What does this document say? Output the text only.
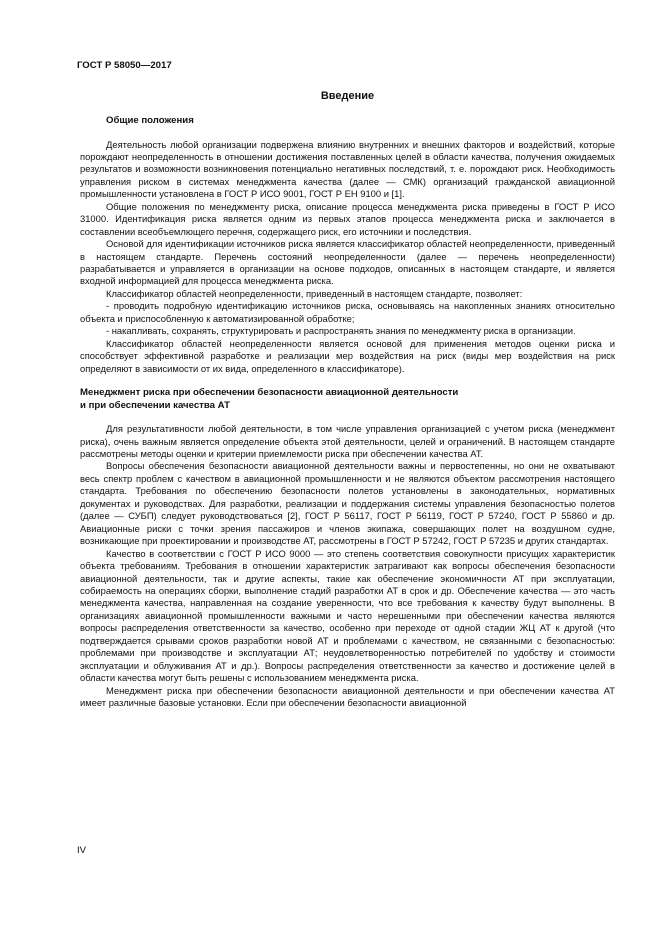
ГОСТ Р 58050—2017
Введение
Общие положения

Деятельность любой организации подвержена влиянию внутренних и внешних факторов и воздействий, которые порождают неопределенность в отношении достижения поставленных целей в области качества, получения ожидаемых результатов и возможности возникновения потенциально негативных последствий, т. е. порождают риск. Необходимость управления риском в системах менеджмента качества (далее — СМК) организаций гражданской авиационной промышленности установлена в ГОСТ Р ИСО 9001, ГОСТ Р ЕН 9100 и [1].

Общие положения по менеджменту риска, описание процесса менеджмента риска приведены в ГОСТ Р ИСО 31000. Идентификация риска является одним из первых этапов процесса менеджмента риска и заключается в составлении всеобъемлющего перечня, содержащего риск, его источники и последствия.

Основой для идентификации источников риска является классификатор областей неопределенности, приведенный в настоящем стандарте. Перечень состояний неопределенности (далее — перечень неопределенности) разрабатывается и управляется в организации на основе подходов, описанных в настоящем стандарте, и является входной информацией для процесса менеджмента риска.

Классификатор областей неопределенности, приведенный в настоящем стандарте, позволяет:

- проводить подробную идентификацию источников риска, основываясь на накопленных знаниях относительно объекта и приспособленную к автоматизированной обработке;

- накапливать, сохранять, структурировать и распространять знания по менеджменту риска в организации.

Классификатор областей неопределенности является основой для применения методов оценки риска и способствует эффективной разработке и реализации мер воздействия на риск (виды мер воздействия на риск определяют в зависимости от их вида, определенного в классификаторе).

Менеджмент риска при обеспечении безопасности авиационной деятельности
и при обеспечении качества АТ

Для результативности любой деятельности, в том числе управления организацией с учетом риска (менеджмент риска), очень важным является определение объекта этой деятельности, целей и ограничений. В настоящем стандарте рассмотрены методы оценки и критерии приемлемости риска при обеспечении качества АТ.

Вопросы обеспечения безопасности авиационной деятельности важны и первостепенны, но они не охватывают весь спектр проблем с качеством в авиационной промышленности и не являются объектом рассмотрения настоящего стандарта. Требования по обеспечению безопасности полетов установлены в законодательных, нормативных документах и руководствах. Для разработки, реализации и поддержания системы управления безопасностью полетов (далее — СУБП) следует руководствоваться [2], ГОСТ Р 56117, ГОСТ Р 56119, ГОСТ Р 57240, ГОСТ Р 55860 и др. Авиационные риски с точки зрения пассажиров и членов экипажа, совершающих полет на воздушном судне, возникающие при проектировании и производстве АТ, рассмотрены в ГОСТ Р 57242, ГОСТ Р 57235 и других стандартах.

Качество в соответствии с ГОСТ Р ИСО 9000 — это степень соответствия совокупности присущих характеристик объекта требованиям. Требования в отношении характеристик затрагивают как вопросы обеспечения безопасности авиационной деятельности, так и другие аспекты, такие как обеспечение экономичности АТ при эксплуатации, собираемость на операциях сборки, выполнение стадий разработки АТ в срок и др. Обеспечение качества — это часть менеджмента качества, направленная на создание уверенности, что все требования к качеству будут выполнены. В организациях авиационной промышленности важными и часто нерешенными при обеспечении качества являются вопросы распределения ответственности за качество, особенно при переходе от одной стадии ЖЦ АТ к другой (что подтверждается срывами сроков разработки новой АТ и проблемами с качеством, не связанными с безопасностью: проблемами при производстве и эксплуатации АТ; неудовлетворенностью потребителей по удобству и стоимости эксплуатации и облуживания АТ и др.). Вопросы распределения ответственности за качество и достижение целей в области качества могут быть решены с использованием менеджмента риска.

Менеджмент риска при обеспечении безопасности авиационной деятельности и при обеспечении качества АТ имеет различные базовые установки. Если при обеспечении безопасности авиационной

IV
